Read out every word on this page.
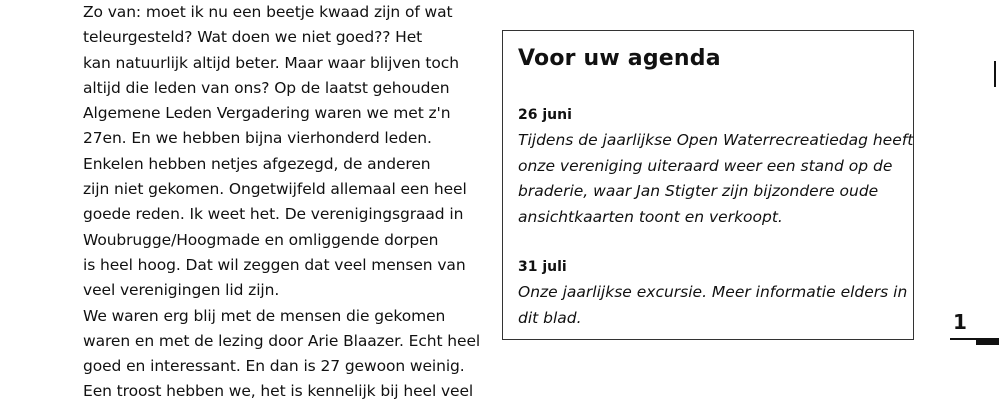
Zo van: moet ik nu een beetje kwaad zijn of wat
teleurgesteld? Wat doen we niet goed?? Het
kan natuurlijk altijd beter. Maar waar blijven toch
altijd die leden van ons? Op de laatst gehouden
Algemene Leden Vergadering waren we met z'n
27en. En we hebben bijna vierhonderd leden.
Enkelen hebben netjes afgezegd, de anderen
zijn niet gekomen. Ongetwijfeld allemaal een heel
goede reden. Ik weet het. De verenigingsgraad in
Woubrugge/Hoogmade en omliggende dorpen
is heel hoog. Dat wil zeggen dat veel mensen van
veel verenigingen lid zijn.
We waren erg blij met de mensen die gekomen
waren en met de lezing door Arie Blaazer. Echt heel
goed en interessant. En dan is 27 gewoon weinig.
Een troost hebben we, het is kennelijk bij heel veel
Voor uw agenda
26 juni
Tijdens de jaarlijkse Open Waterrecreatiedag heeft
onze vereniging uiteraard weer een stand op de
braderie, waar Jan Stigter zijn bijzondere oude
ansichtkaarten toont en verkoopt.
31 juli
Onze jaarlijkse excursie. Meer informatie elders in
dit blad.	1
